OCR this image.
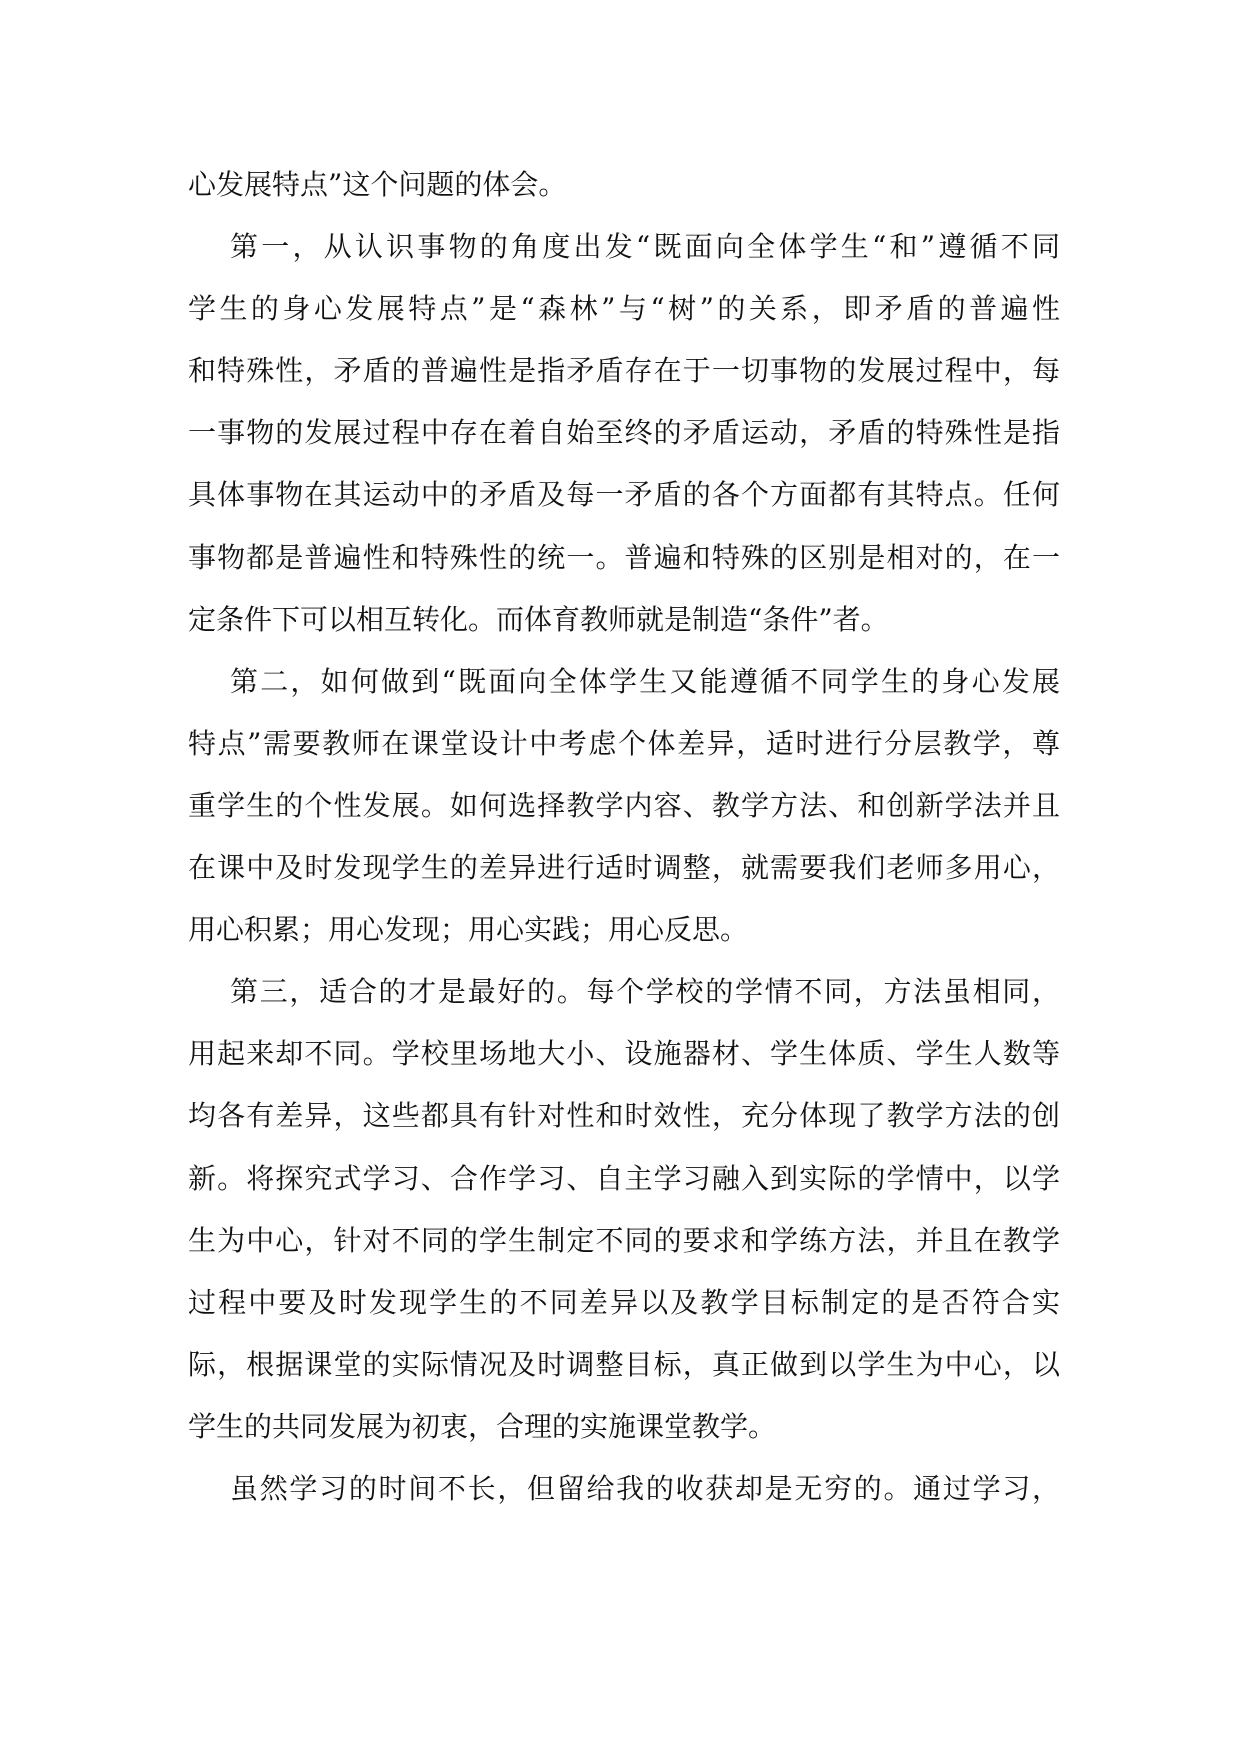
心发展特点”这个问题的体会。
第一，从认识事物的角度出发“既面向全体学生“和”遵循不同
学生的身心发展特点”是“森林”与“树”的关系，即矛盾的普遍性
和特殊性，矛盾的普遍性是指矛盾存在于一切事物的发展过程中，每
一事物的发展过程中存在着自始至终的矛盾运动，矛盾的特殊性是指
具体事物在其运动中的矛盾及每一矛盾的各个方面都有其特点。任何
事物都是普遍性和特殊性的统一。普遍和特殊的区别是相对的，在一
定条件下可以相互转化。而体育教师就是制造“条件”者。
第二，如何做到“既面向全体学生又能遵循不同学生的身心发展
特点”需要教师在课堂设计中考虑个体差异，适时进行分层教学，尊
重学生的个性发展。如何选择教学内容、教学方法、和创新学法并且
在课中及时发现学生的差异进行适时调整，就需要我们老师多用心，
用心积累；用心发现；用心实践；用心反思。
第三，适合的才是最好的。每个学校的学情不同，方法虽相同，
用起来却不同。学校里场地大小、设施器材、学生体质、学生人数等
均各有差异，这些都具有针对性和时效性，充分体现了教学方法的创
新。将探究式学习、合作学习、自主学习融入到实际的学情中，以学
生为中心，针对不同的学生制定不同的要求和学练方法，并且在教学
过程中要及时发现学生的不同差异以及教学目标制定的是否符合实
际，根据课堂的实际情况及时调整目标，真正做到以学生为中心，以
学生的共同发展为初衷，合理的实施课堂教学。
虽然学习的时间不长，但留给我的收获却是无穷的。通过学习，
